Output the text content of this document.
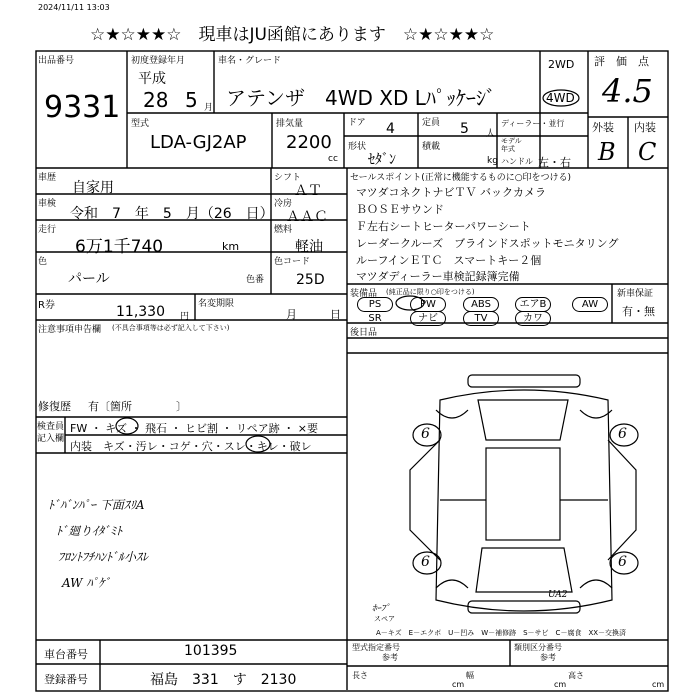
2024/11/11 13:03
☆★☆★★☆　現車はJU函館にあります　☆★☆★★☆
出品番号
9331
初度登録年月
平成
28 5 月
車名・グレード
アテンザ　4WD XD Lﾊﾟｯｹｰｼﾞ
2WD
4WD
評　価　点
4.5
外装 内装
B C
型式
LDA-GJ2AP
排気量
2200
cc
ドア 4	定員 5 人
ディーラー・並行
形状
ｾﾀﾞﾝ
積載
kg
モデル
年式
ハンドル 左・右
車歴
自家用
シフト
ＡＴ
車検
令和　7　年　5　月（26　日）
冷房
ＡＡＣ
走行
6万1千740	km
燃料
軽油
色
パール	色番
色コード
25D
R券	11,330 円
名変期限
月　　　日
注意事項申告欄 (不具合事項等は必ず記入して下さい)
修復歴 有〔箇所　　　　〕
検査員
記入欄
FW ・ キズ ・ 飛石 ・ ヒビ割 ・ リペア跡 ・ ×要
内装　キズ・汚レ・コゲ・穴・スレ・キレ・破レ
ﾄﾞﾊﾞﾝﾊﾟｰ 下面ｽﾘA
ﾄﾞ廻りｲﾀﾞﾐﾄ
ﾌﾛﾝﾄﾌﾁﾊﾝﾄﾞﾙ小ｽﾚ
AW ﾊﾟｹﾞ
セールスポイント(正常に機能するものに○印をつける)
マツダコネクトナビＴＶ バックカメラ
ＢＯＳＥサウンド
Ｆ左右シートヒーターパワーシート
レーダークルーズ　ブラインドスポットモニタリング
ルーフインＥＴＣ　スマートキー２個
マツダディーラー車検記録簿完備
装備品 (純正品に限り○印をつける)
PS	PW	ABS	エアB	AW
SR	ナビ	TV	カワ
新車保証
有・無
後日品
6	6
6	6
UA2
ﾎｰﾌﾟ
スペア
A－キズ　E－エクボ　U－凹み　W－補修跡　S－サビ　C－腐食　XX－交換済
車台番号	101395
登録番号	福島　331　す　2130
型式指定番号
参考
類別区分番号
参考
長さ
cm
幅
cm
高さ
cm
